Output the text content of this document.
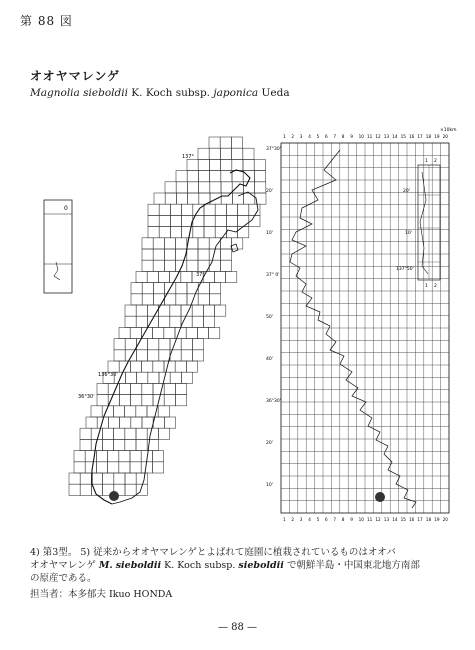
第 88 図
オオヤマレンゲ
Magnolia sieboldii K. Koch subsp. japonica Ueda
0
137°
37°
136°30'
36°30'
1 2 3 4 5 6 7 8 9 10 11 12 13 14 15 16 17 18 19 20
1 2 3 4 5 6 7 8 9 10 11 12 13 14 15 16 17 18 19 20
×10km
37°30'
20'
10'
37° 0'
50'
40'
36°30'
20'
10'
20'
10'
137°50'
1 2
1 2

4) 第3型。 5) 従来からオオヤマレンゲとよばれて庭園に植栽されているものはオオバ

オオヤマレンゲ M. sieboldii K. Koch subsp. sieboldii で朝鮮半島・中国東北地方南部

の原産である。

担当者：本多郁夫 Ikuo HONDA
— 88 —
